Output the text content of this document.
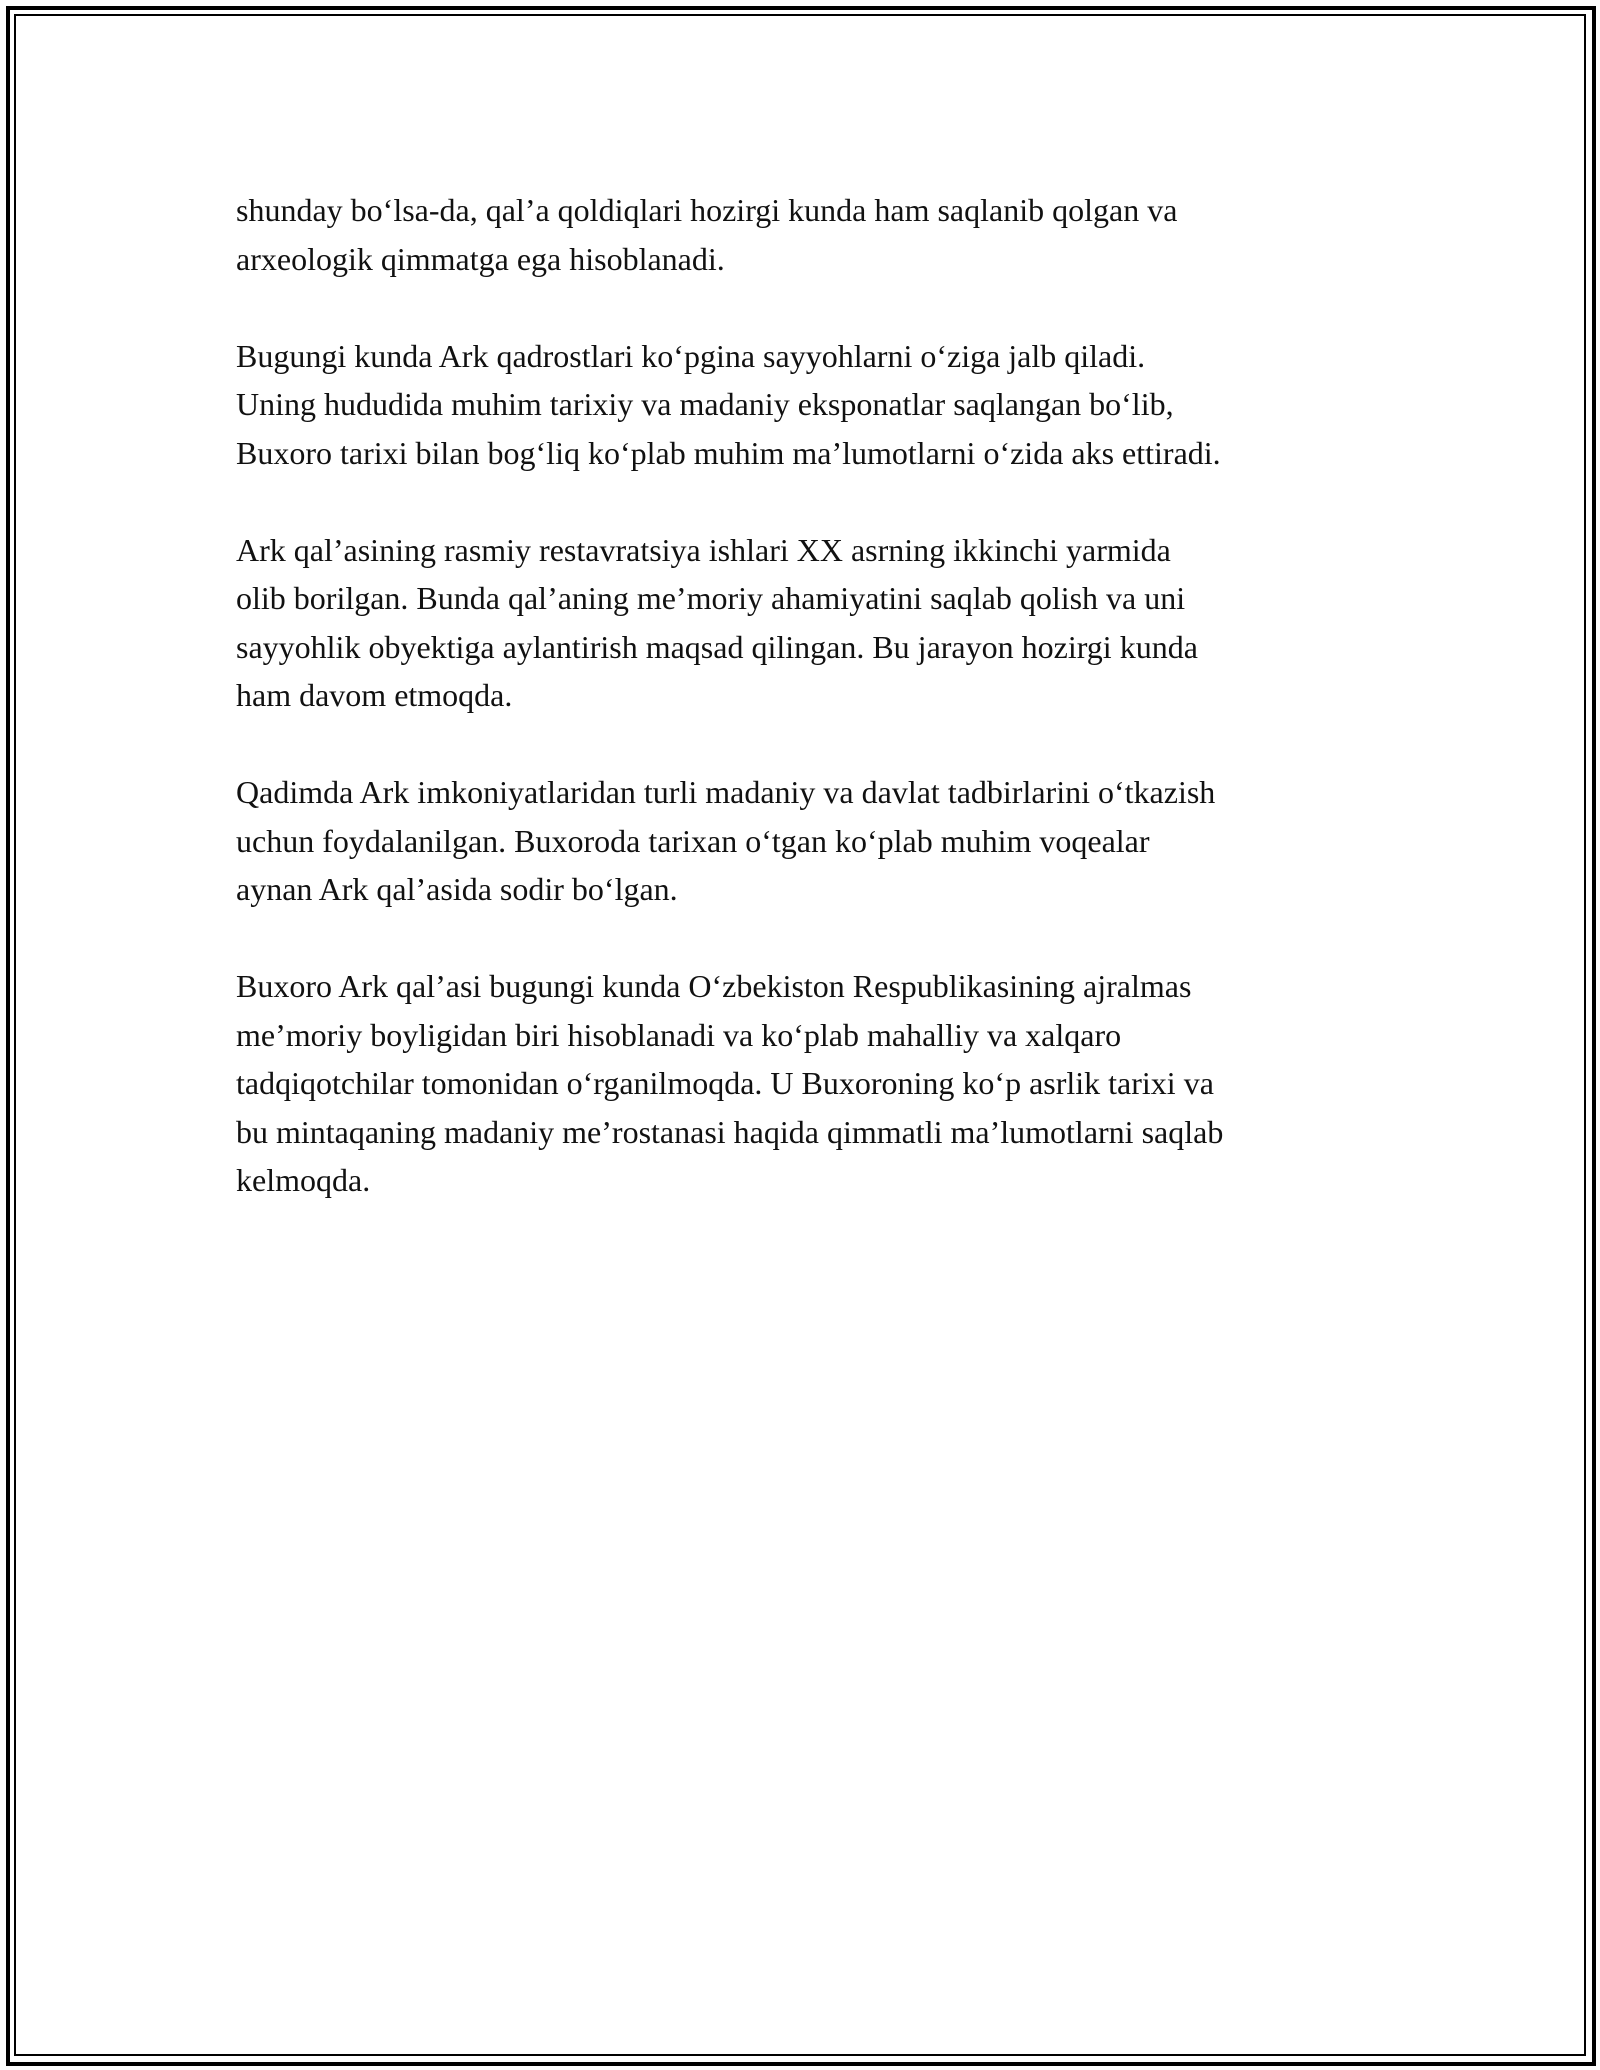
shunday bo‘lsa-da, qal’a qoldiqlari hozirgi kunda ham saqlanib qolgan va
arxeologik qimmatga ega hisoblanadi.

Bugungi kunda Ark qadrostlari ko‘pgina sayyohlarni o‘ziga jalb qiladi.
Uning hududida muhim tarixiy va madaniy eksponatlar saqlangan bo‘lib,
Buxoro tarixi bilan bog‘liq ko‘plab muhim ma’lumotlarni o‘zida aks ettiradi.

Ark qal’asining rasmiy restavratsiya ishlari XX asrning ikkinchi yarmida
olib borilgan. Bunda qal’aning me’moriy ahamiyatini saqlab qolish va uni
sayyohlik obyektiga aylantirish maqsad qilingan. Bu jarayon hozirgi kunda
ham davom etmoqda.

Qadimda Ark imkoniyatlaridan turli madaniy va davlat tadbirlarini o‘tkazish
uchun foydalanilgan. Buxoroda tarixan o‘tgan ko‘plab muhim voqealar
aynan Ark qal’asida sodir bo‘lgan.

Buxoro Ark qal’asi bugungi kunda O‘zbekiston Respublikasining ajralmas
me’moriy boyligidan biri hisoblanadi va ko‘plab mahalliy va xalqaro
tadqiqotchilar tomonidan o‘rganilmoqda. U Buxoroning ko‘p asrlik tarixi va
bu mintaqaning madaniy me’rostanasi haqida qimmatli ma’lumotlarni saqlab
kelmoqda.
